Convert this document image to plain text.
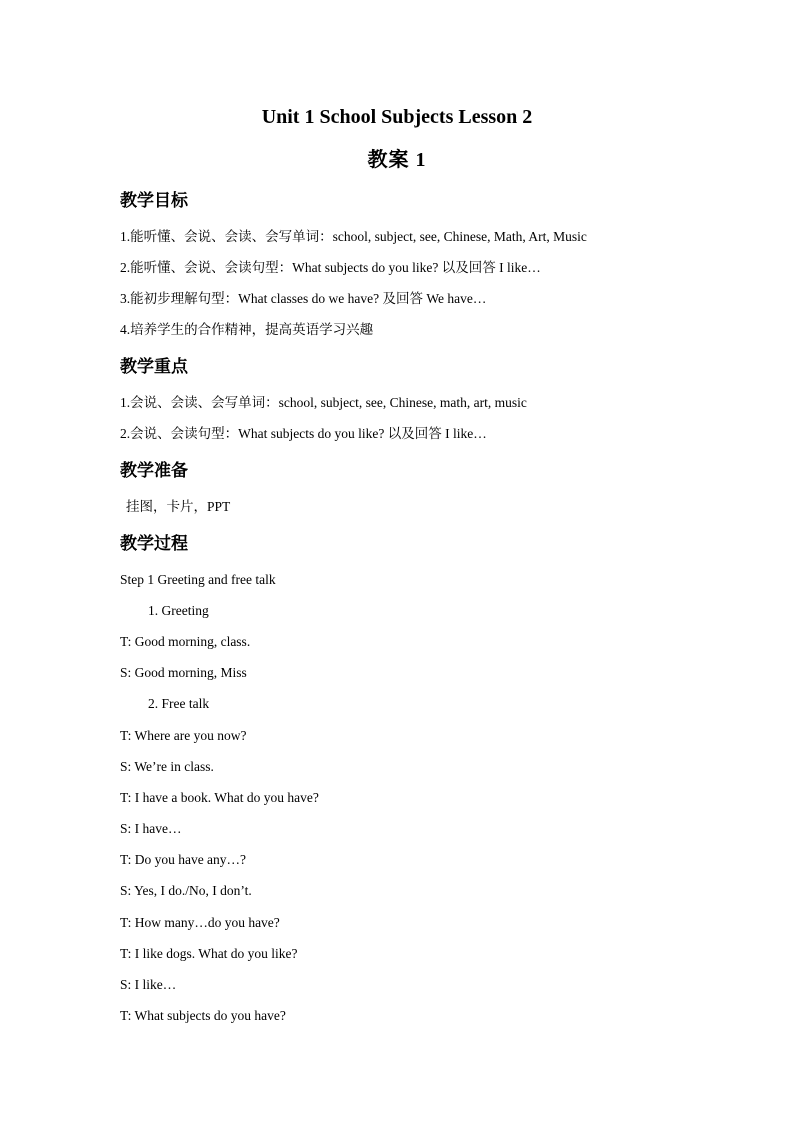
Unit 1 School Subjects Lesson 2
教案 1
教学目标
1.能听懂、会说、会读、会写单词：school, subject, see, Chinese, Math, Art, Music
2.能听懂、会说、会读句型：What subjects do you like? 以及回答 I like…
3.能初步理解句型：What classes do we have? 及回答 We have…
4.培养学生的合作精神，提高英语学习兴趣
教学重点
1.会说、会读、会写单词：school, subject, see, Chinese, math, art, music
2.会说、会读句型：What subjects do you like? 以及回答 I like…
教学准备
挂图，卡片，PPT
教学过程
Step 1 Greeting and free talk
1. Greeting
T: Good morning, class.
S: Good morning, Miss
2. Free talk
T: Where are you now?
S: We’re in class.
T: I have a book. What do you have?
S: I have…
T: Do you have any…?
S: Yes, I do./No, I don’t.
T: How many…do you have?
T: I like dogs. What do you like?
S: I like…
T: What subjects do you have?
